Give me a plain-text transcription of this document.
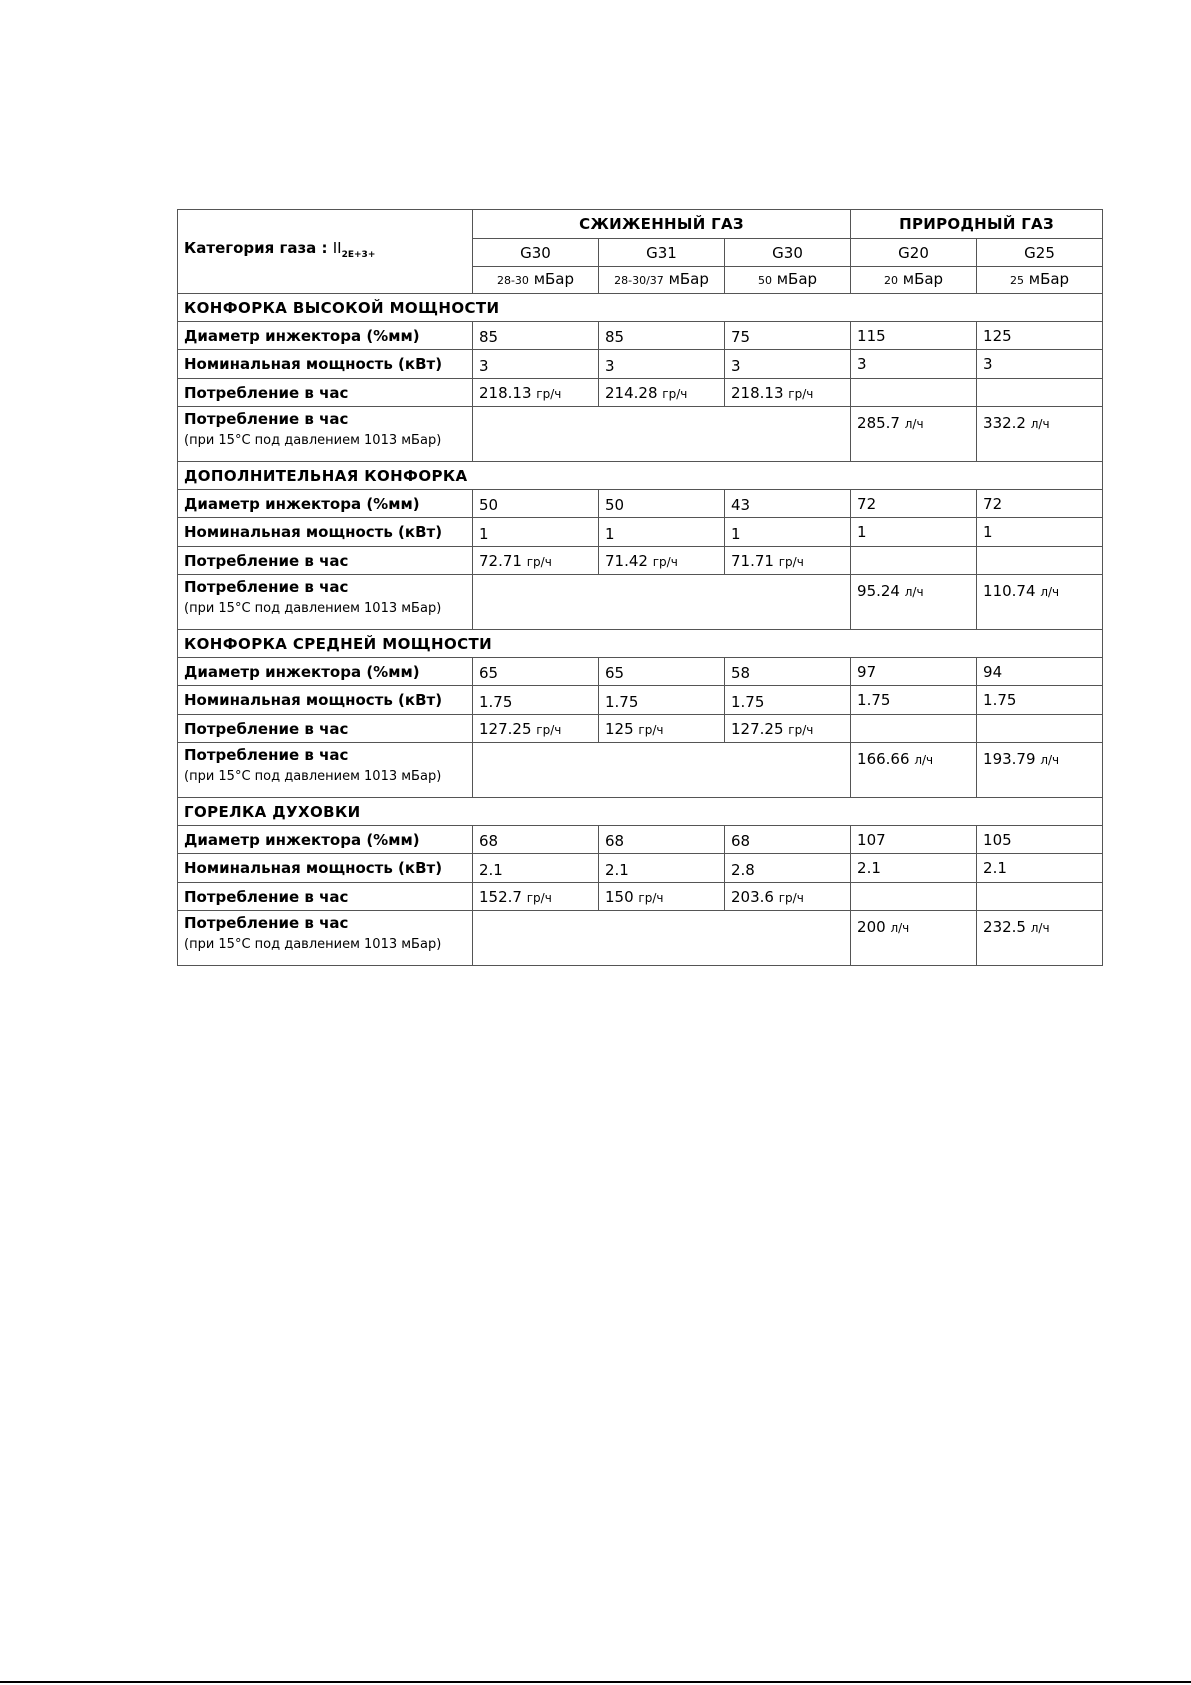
Категория газа : $II_{2E+3+}$	СЖИЖЕННЫЙ ГАЗ			ПРИРОДНЫЙ ГАЗ	
	G30	G31	G30	G20	G25
	28-30 мБар	28-30/37 мБар	50 мБар	20 мБар	25 мБар
КОНФОРКА ВЫСОКОЙ МОЩНОСТИ					
Диаметр инжектора (%мм)	85	85	75	115	125
Номинальная мощность (кВт)	3	3	3	3	3
Потребление в час	218.13 гр/ч	214.28 гр/ч	218.13 гр/ч		
Потребление в час
(при 15°C под давлением 1013 мБар)				285.7 л/ч	332.2 л/ч
ДОПОЛНИТЕЛЬНАЯ КОНФОРКА					
Диаметр инжектора (%мм)	50	50	43	72	72
Номинальная мощность (кВт)	1	1	1	1	1
Потребление в час	72.71 гр/ч	71.42 гр/ч	71.71 гр/ч		
Потребление в час
(при 15°C под давлением 1013 мБар)				95.24 л/ч	110.74 л/ч
КОНФОРКА СРЕДНЕЙ МОЩНОСТИ					
Диаметр инжектора (%мм)	65	65	58	97	94
Номинальная мощность (кВт)	1.75	1.75	1.75	1.75	1.75
Потребление в час	127.25 гр/ч	125 гр/ч	127.25 гр/ч		
Потребление в час
(при 15°C под давлением 1013 мБар)				166.66 л/ч	193.79 л/ч
ГОРЕЛКА ДУХОВКИ					
Диаметр инжектора (%мм)	68	68	68	107	105
Номинальная мощность (кВт)	2.1	2.1	2.8	2.1	2.1
Потребление в час	152.7 гр/ч	150 гр/ч	203.6 гр/ч		
Потребление в час
(при 15°C под давлением 1013 мБар)				200 л/ч	232.5 л/ч
